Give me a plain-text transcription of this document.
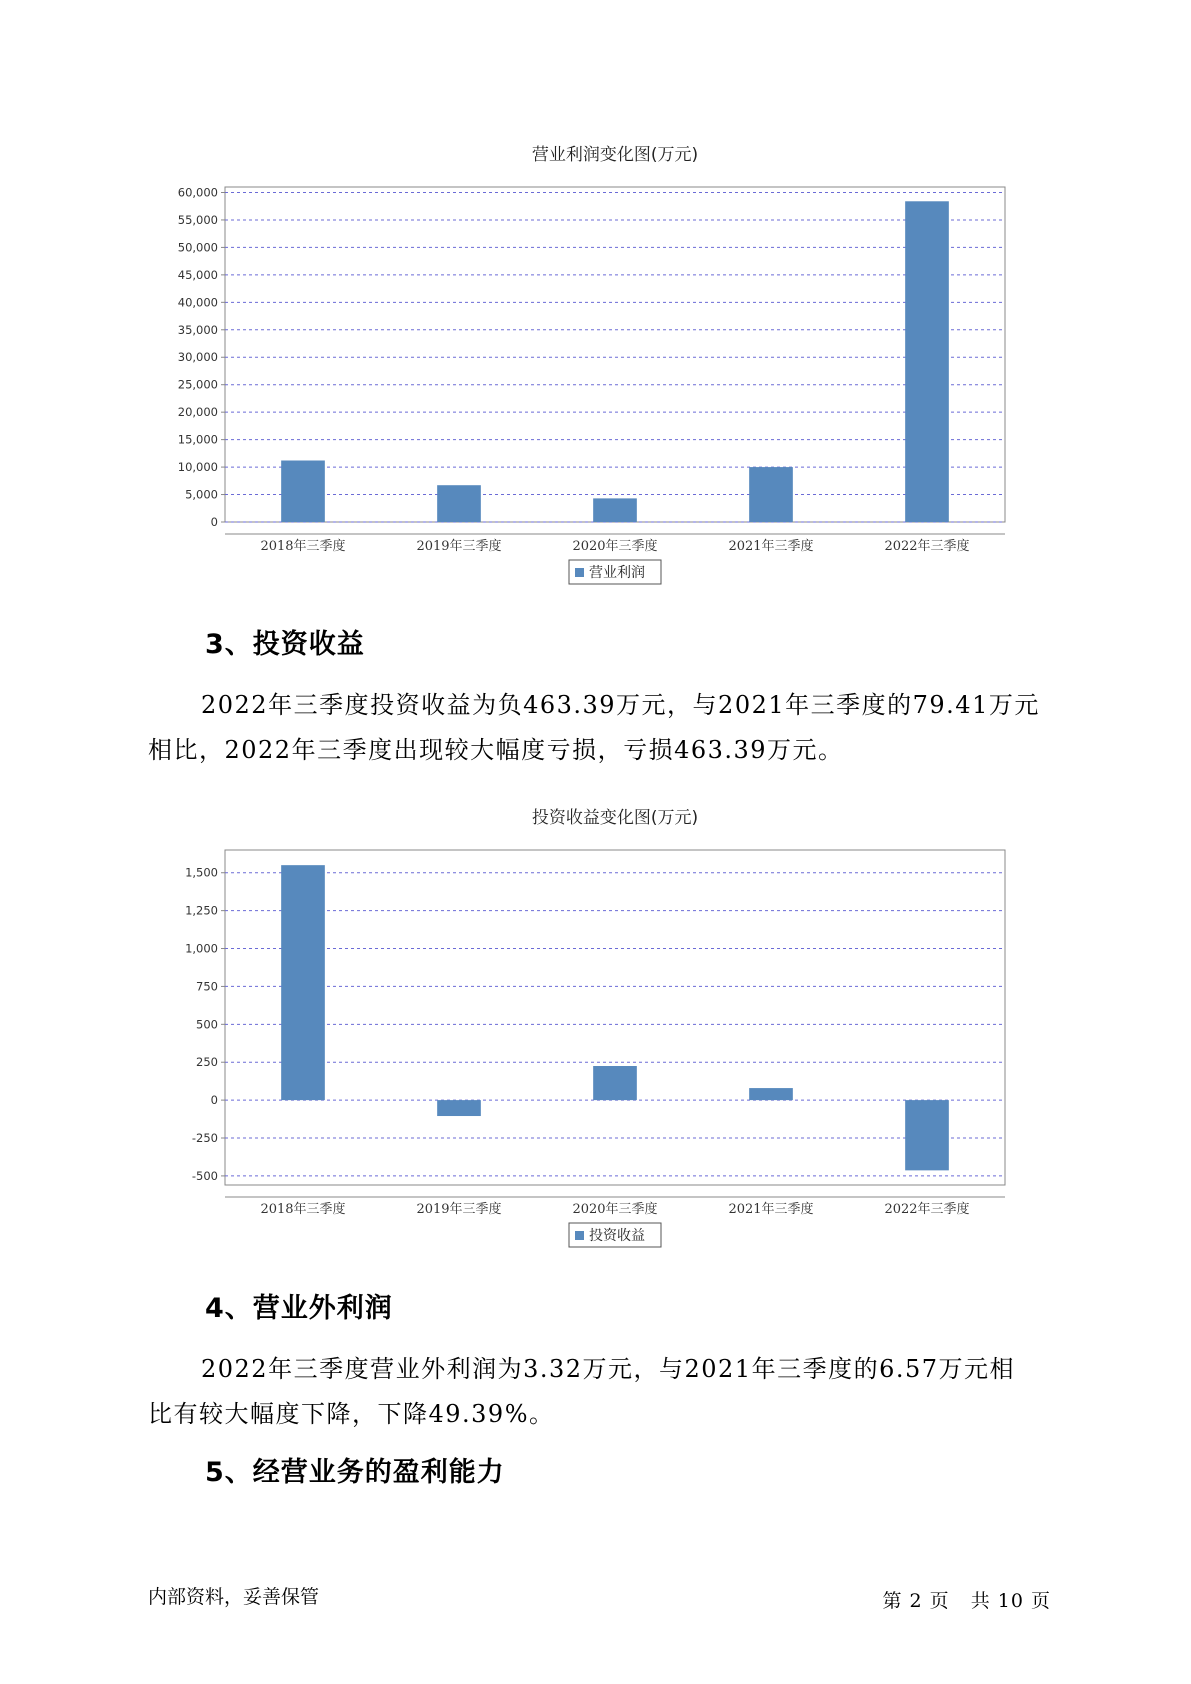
营业利润变化图(万元)
0
5,000
10,000
15,000
20,000
25,000
30,000
35,000
40,000
45,000
50,000
55,000
60,000
2018年三季度	2019年三季度	2020年三季度	2021年三季度	2022年三季度
营业利润
3、投资收益

2022年三季度投资收益为负463.39万元，与2021年三季度的79.41万元
相比，2022年三季度出现较大幅度亏损，亏损463.39万元。

投资收益变化图(万元)
-500
-250
0
250
500
750
1,000
1,250
1,500
2018年三季度	2019年三季度	2020年三季度	2021年三季度	2022年三季度
投资收益
4、营业外利润

2022年三季度营业外利润为3.32万元，与2021年三季度的6.57万元相
比有较大幅度下降，下降49.39%。

5、经营业务的盈利能力
内部资料，妥善保管	第 2 页   共 10 页
